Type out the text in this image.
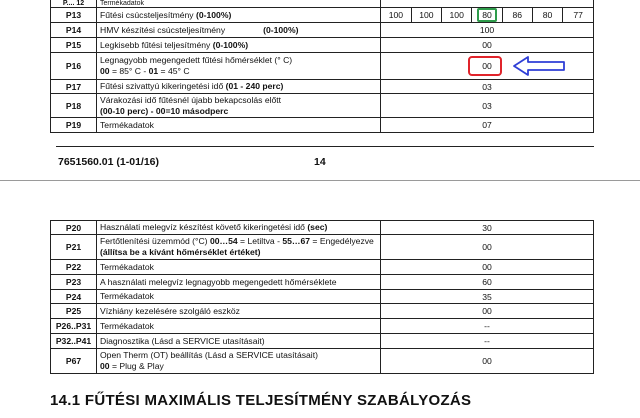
P.... 12	Termékadatok	
P13	Fűtési csúcsteljesítmény (0-100%)		100	100	100	80	86	80	77

P14	HMV készítési csúcsteljesítmény	(0-100%)	100
P15	Legkisebb fűtési teljesítmény (0-100%)	00
P16	
Legnagyobb megengedett fűtési hőmérséklet (° C)
00 = 85° C - 01 = 45° C	00
P17	Fűtési szivattyú kikeringetési idő (01 - 240 perc)	03
P18	
Várakozási idő fűtésnél újabb bekapcsolás előtt
(00-10 perc) - 00=10 másodperc	03
P19	Termékadatok	07
7651560.01 (1-01/16)	14
P20	Használati melegvíz készítést követő kikeringetési idő (sec)	30
P21	Fertőtlenítési üzemmód (°C) 00…54 = Letiltva - 55…67 = Engedélyezve
(állítsa be a kívánt hőmérséklet értéket)	00
P22	Termékadatok	00
P23	A használati melegvíz legnagyobb megengedett hőmérséklete	60
P24	Termékadatok	35
P25	Vízhiány kezelésére szolgáló eszköz	00
P26..P31	Termékadatok	--
P32..P41	Diagnosztika (Lásd a SERVICE utasításait)	--
P67	Open Therm (OT) beállítás (Lásd a SERVICE utasításait)
00 = Plug & Play	00
14.1 FŰTÉSI MAXIMÁLIS TELJESÍTMÉNY SZABÁLYOZÁS
